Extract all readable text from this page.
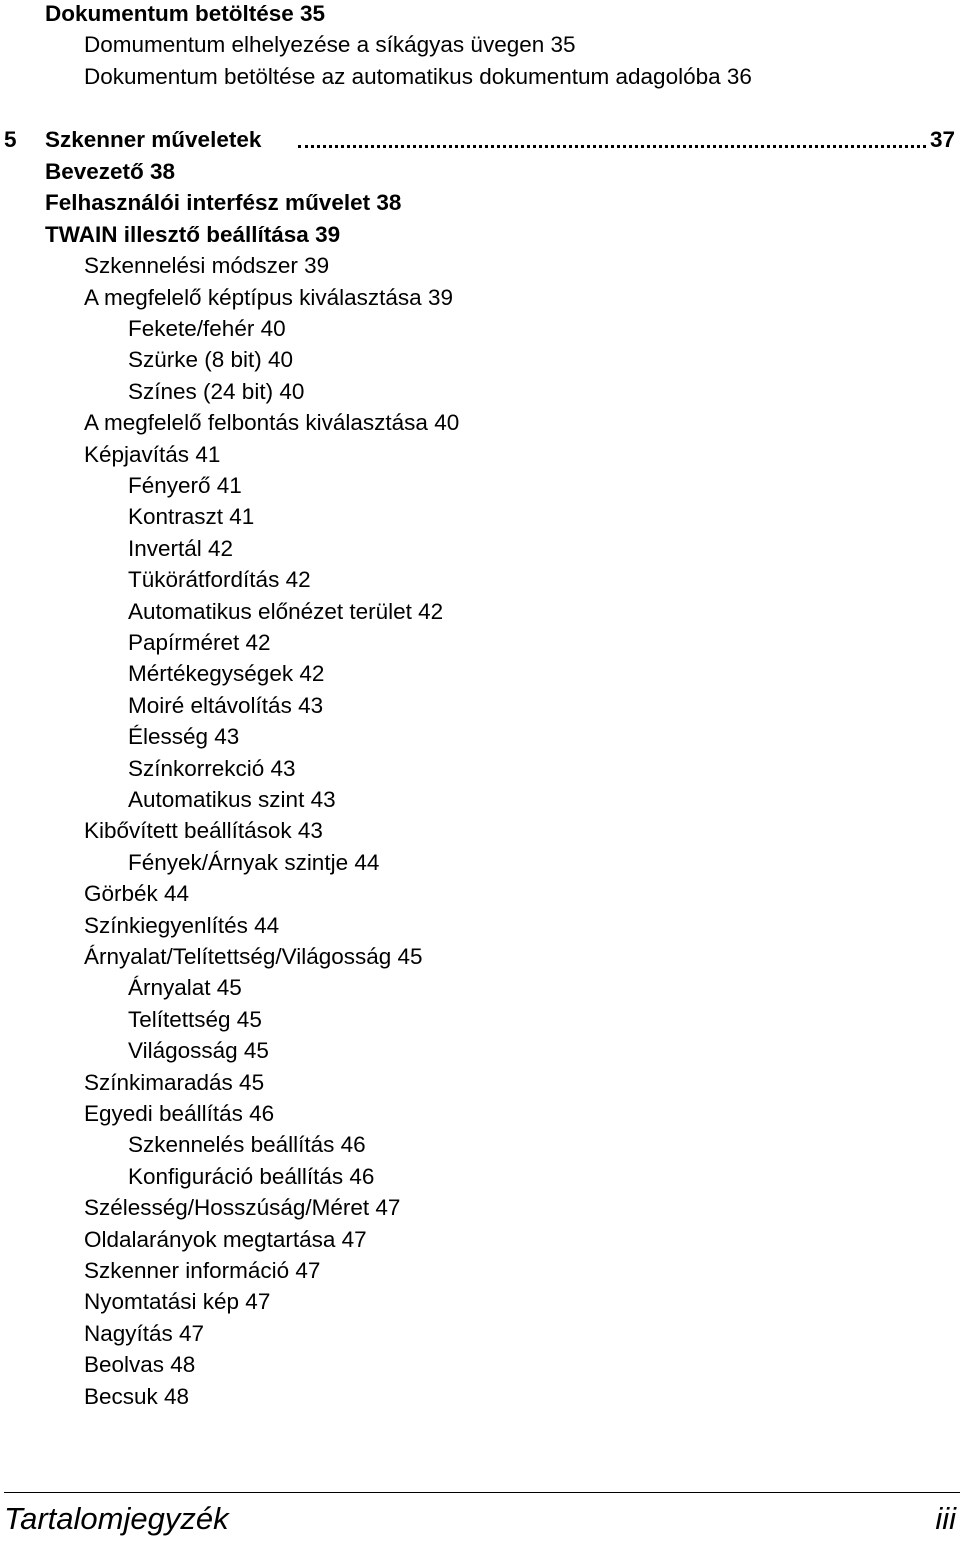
Dokumentum betöltése 35
Domumentum elhelyezése a síkágyas üvegen 35
Dokumentum betöltése az automatikus dokumentum adagolóba 36
5 Szkenner műveletek	37
Bevezető 38
Felhasználói interfész művelet 38
TWAIN illesztő beállítása 39
Szkennelési módszer 39
A megfelelő képtípus kiválasztása 39
Fekete/fehér 40
Szürke (8 bit) 40
Színes (24 bit) 40
A megfelelő felbontás kiválasztása 40
Képjavítás 41
Fényerő 41
Kontraszt 41
Invertál 42
Tükörátfordítás 42
Automatikus előnézet terület 42
Papírméret 42
Mértékegységek 42
Moiré eltávolítás 43
Élesség 43
Színkorrekció 43
Automatikus szint 43
Kibővített beállítások 43
Fények/Árnyak szintje 44
Görbék 44
Színkiegyenlítés 44
Árnyalat/Telítettség/Világosság 45
Árnyalat 45
Telítettség 45
Világosság 45
Színkimaradás 45
Egyedi beállítás 46
Szkennelés beállítás 46
Konfiguráció beállítás 46
Szélesség/Hosszúság/Méret 47
Oldalarányok megtartása 47
Szkenner információ 47
Nyomtatási kép 47
Nagyítás 47
Beolvas 48
Becsuk 48
Tartalomjegyzék	iii
